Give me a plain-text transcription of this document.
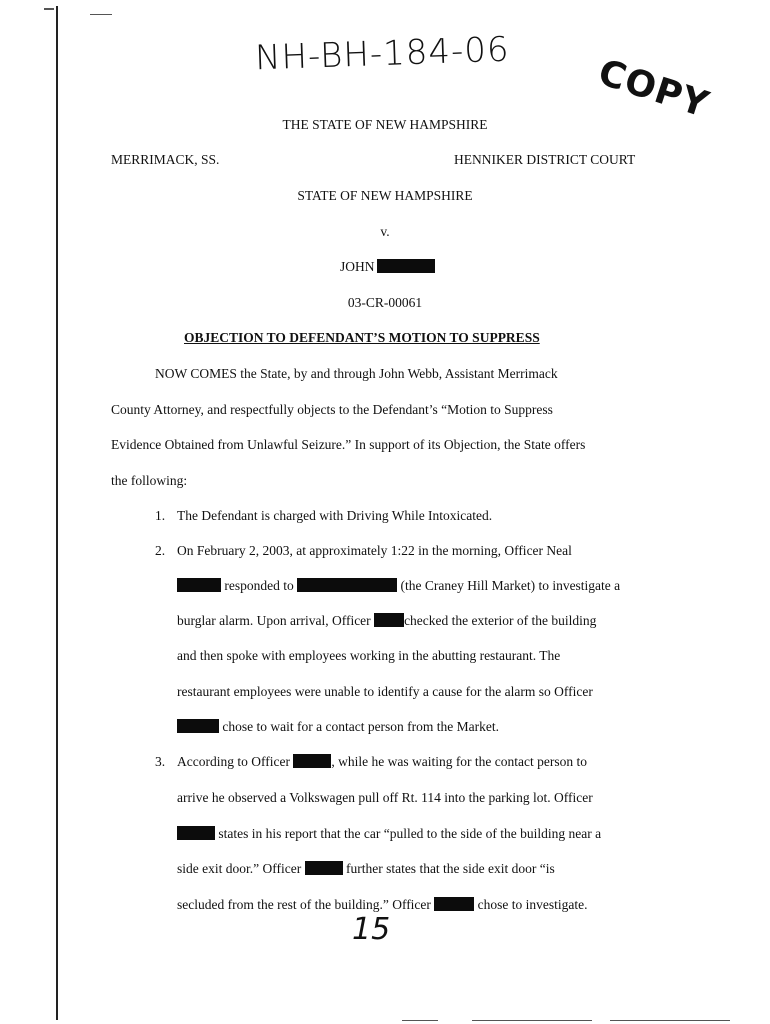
NH-BH-184-06 COPY
THE STATE OF NEW HAMPSHIRE
MERRIMACK, SS.	HENNIKER DISTRICT COURT
STATE OF NEW HAMPSHIRE
v.
JOHN
03-CR-00061
OBJECTION TO DEFENDANT’S MOTION TO SUPPRESS
NOW COMES the State, by and through John Webb, Assistant Merrimack
County Attorney, and respectfully objects to the Defendant’s “Motion to Suppress
Evidence Obtained from Unlawful Seizure.” In support of its Objection, the State offers
the following:
1. The Defendant is charged with Driving While Intoxicated.
2. On February 2, 2003, at approximately 1:22 in the morning, Officer Neal
responded to	(the Craney Hill Market) to investigate a
burglar alarm. Upon arrival, Officer checked the exterior of the building
and then spoke with employees working in the abutting restaurant. The
restaurant employees were unable to identify a cause for the alarm so Officer
chose to wait for a contact person from the Market.
3. According to Officer	, while he was waiting for the contact person to
arrive he observed a Volkswagen pull off Rt. 114 into the parking lot. Officer
states in his report that the car “pulled to the side of the building near a
side exit door.” Officer	further states that the side exit door “is
secluded from the rest of the building.” Officer	chose to investigate.
15
